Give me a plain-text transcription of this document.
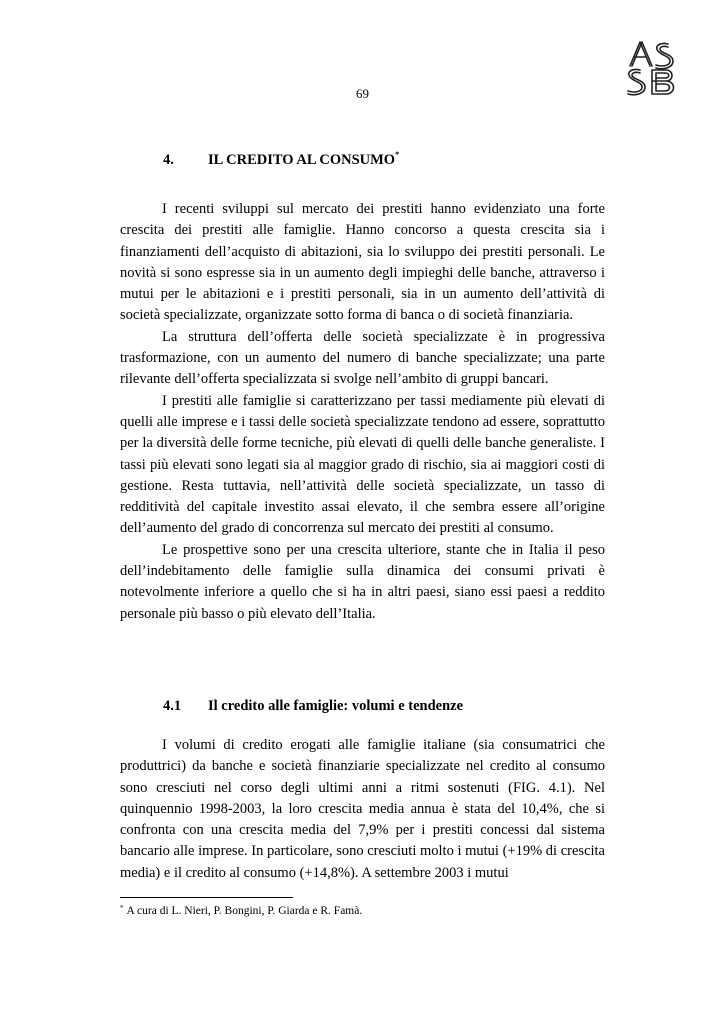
69
4. IL CREDITO AL CONSUMO*

I recenti sviluppi sul mercato dei prestiti hanno evidenziato una forte crescita dei prestiti alle famiglie. Hanno concorso a questa crescita sia i finanziamenti dell’acquisto di abitazioni, sia lo sviluppo dei prestiti personali. Le novità si sono espresse sia in un aumento degli impieghi delle banche, attraverso i mutui per le abitazioni e i prestiti personali, sia in un aumento dell’attività di società specializzate, organizzate sotto forma di banca o di società finanziaria.

La struttura dell’offerta delle società specializzate è in progressiva trasformazione, con un aumento del numero di banche specializzate; una parte rilevante dell’offerta specializzata si svolge nell’ambito di gruppi bancari.

I prestiti alle famiglie si caratterizzano per tassi mediamente più elevati di quelli alle imprese e i tassi delle società specializzate tendono ad essere, soprattutto per la diversità delle forme tecniche, più elevati di quelli delle banche generaliste. I tassi più elevati sono legati sia al maggior grado di rischio, sia ai maggiori costi di gestione. Resta tuttavia, nell’attività delle società specializzate, un tasso di redditività del capitale investito assai elevato, il che sembra essere all’origine dell’aumento del grado di concorrenza sul mercato dei prestiti al consumo.

Le prospettive sono per una crescita ulteriore, stante che in Italia il peso dell’indebitamento delle famiglie sulla dinamica dei consumi privati è notevolmente inferiore a quello che si ha in altri paesi, siano essi paesi a reddito personale più basso o più elevato dell’Italia.

4.1 Il credito alle famiglie: volumi e tendenze

I volumi di credito erogati alle famiglie italiane (sia consumatrici che produttrici) da banche e società finanziarie specializzate nel credito al consumo sono cresciuti nel corso degli ultimi anni a ritmi sostenuti (FIG. 4.1). Nel quinquennio 1998-2003, la loro crescita media annua è stata del 10,4%, che si confronta con una crescita media del 7,9% per i prestiti concessi dal sistema bancario alle imprese. In particolare, sono cresciuti molto i mutui (+19% di crescita media) e il credito al consumo (+14,8%). A settembre 2003 i mutui

* A cura di L. Nieri, P. Bongini, P. Giarda e R. Famà.
